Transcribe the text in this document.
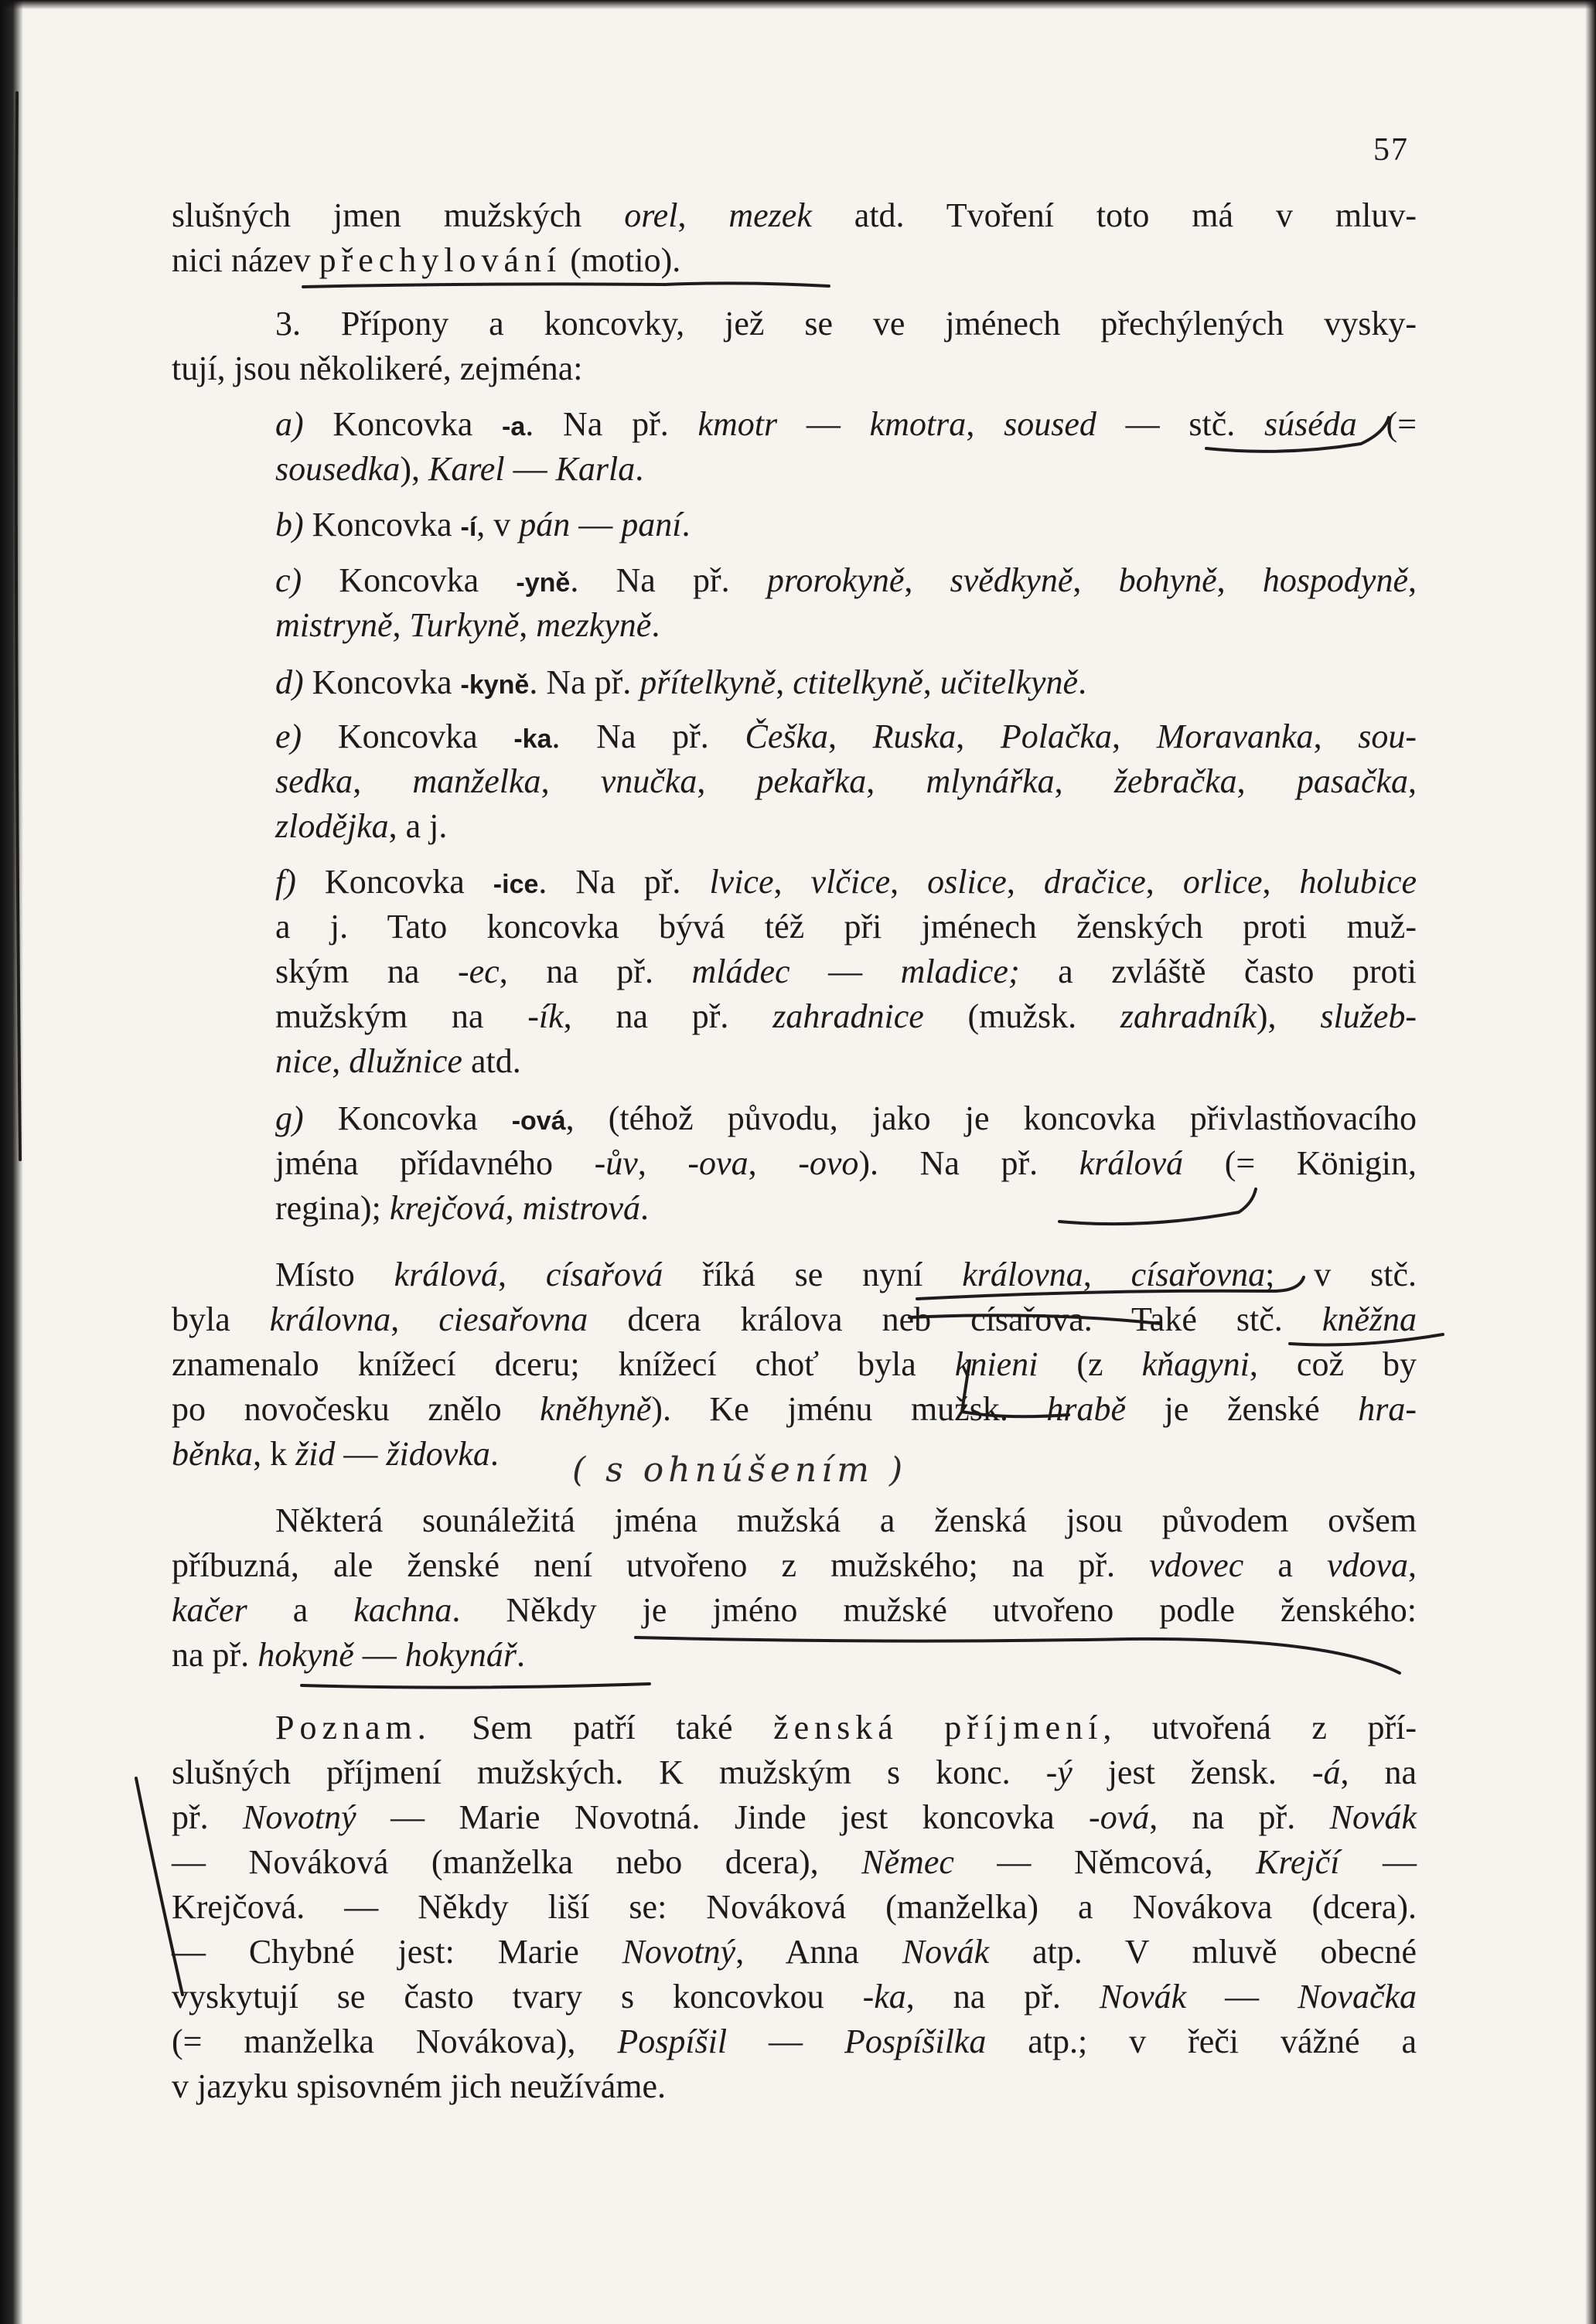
57
slušných jmen mužských orel, mezek atd. Tvoření toto má v mluv-
nici název přechylování (motio).
3. Přípony a koncovky, jež se ve jménech přechýlených vysky-
tují, jsou několikeré, zejména:
a) Koncovka -a. Na př. kmotr — kmotra, soused — stč. súséda (=
sousedka), Karel — Karla.
b) Koncovka -í, v pán — paní.
c) Koncovka -yně. Na př. prorokyně, svědkyně, bohyně, hospodyně,
mistryně, Turkyně, mezkyně.
d) Koncovka -kyně. Na př. přítelkyně, ctitelkyně, učitelkyně.
e) Koncovka -ka. Na př. Češka, Ruska, Polačka, Moravanka, sou-
sedka, manželka, vnučka, pekařka, mlynářka, žebračka, pasačka,
zlodějka, a j.
f) Koncovka -ice. Na př. lvice, vlčice, oslice, dračice, orlice, holubice
a j. Tato koncovka bývá též při jménech ženských proti muž-
ským na -ec, na př. mládec — mladice; a zvláště často proti
mužským na -ík, na př. zahradnice (mužsk. zahradník), služeb-
nice, dlužnice atd.
g) Koncovka -ová, (téhož původu, jako je koncovka přivlastňovacího
jména přídavného -ův, -ova, -ovo). Na př. králová (= Königin,
regina); krejčová, mistrová.
Místo králová, císařová říká se nyní královna, císařovna; v stč.
byla královna, ciesařovna dcera králova neb císařova. Také stč. kněžna
znamenalo knížecí dceru; knížecí choť byla knieni (z kňagyni, což by
po novočesku znělo kněhyně). Ke jménu mužsk. hrabě je ženské hra-
běnka, k žid — židovka.
Některá sounáležitá jména mužská a ženská jsou původem ovšem
příbuzná, ale ženské není utvořeno z mužského; na př. vdovec a vdova,
kačer a kachna. Někdy je jméno mužské utvořeno podle ženského:
na př. hokyně — hokynář.
Poznam. Sem patří také ženská příjmení, utvořená z pří-
slušných příjmení mužských. K mužským s konc. -ý jest žensk. -á, na
př. Novotný — Marie Novotná. Jinde jest koncovka -ová, na př. Novák
— Nováková (manželka nebo dcera), Němec — Němcová, Krejčí —
Krejčová. — Někdy liší se: Nováková (manželka) a Novákova (dcera).
— Chybné jest: Marie Novotný, Anna Novák atp. V mluvě obecné
vyskytují se často tvary s koncovkou -ka, na př. Novák — Novačka
(= manželka Novákova), Pospíšil — Pospíšilka atp.; v řeči vážné a
v jazyku spisovném jich neužíváme.
( s ohnúšením )
